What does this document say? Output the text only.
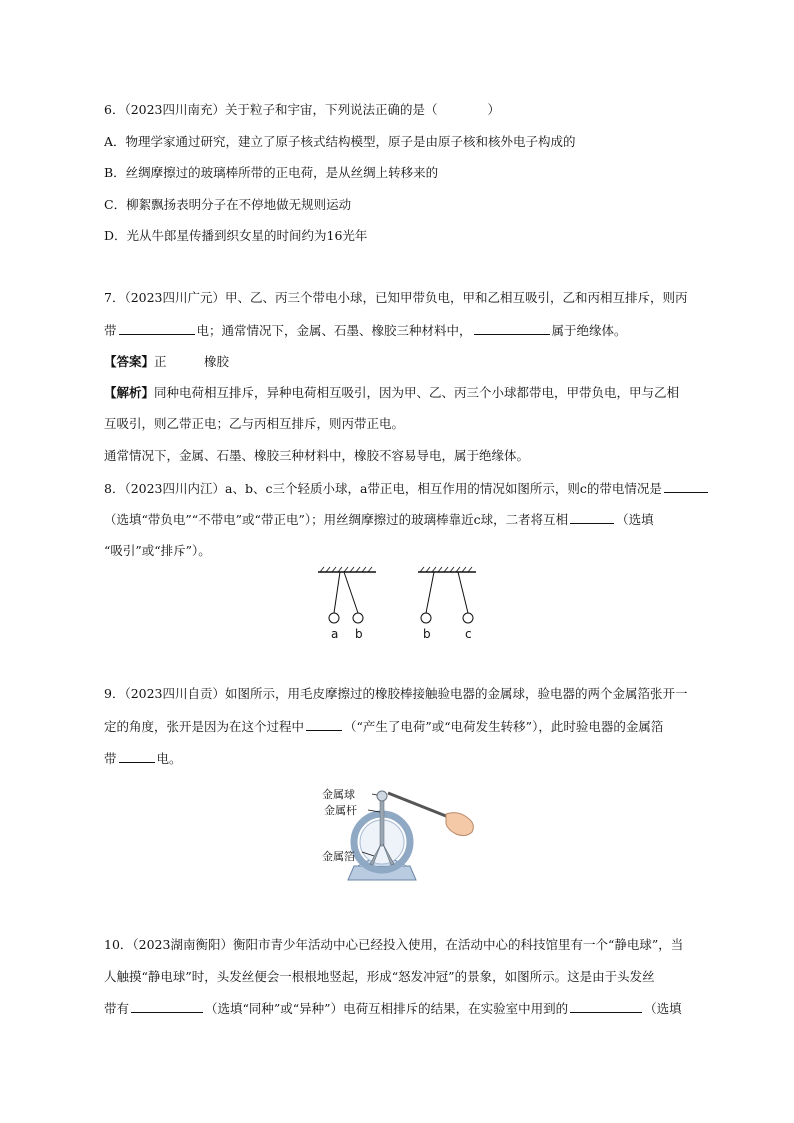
6．（2023四川南充）关于粒子和宇宙，下列说法正确的是（　　　　）
A．物理学家通过研究，建立了原子核式结构模型，原子是由原子核和核外电子构成的
B．丝绸摩擦过的玻璃棒所带的正电荷，是从丝绸上转移来的
C．柳絮飘扬表明分子在不停地做无规则运动
D．光从牛郎星传播到织女星的时间约为16光年
7．（2023四川广元）甲、乙、丙三个带电小球，已知甲带负电，甲和乙相互吸引，乙和丙相互排斥，则丙
带	电；通常情况下，金属、石墨、橡胶三种材料中，	属于绝缘体。
【答案】正　　　橡胶
【解析】同种电荷相互排斥，异种电荷相互吸引，因为甲、乙、丙三个小球都带电，甲带负电，甲与乙相
互吸引，则乙带正电；乙与丙相互排斥，则丙带正电。
通常情况下，金属、石墨、橡胶三种材料中，橡胶不容易导电，属于绝缘体。
8．（2023四川内江）a、b、c三个轻质小球，a带正电，相互作用的情况如图所示，则c的带电情况是
（选填“带负电”“不带电”或“带正电”）；用丝绸摩擦过的玻璃棒靠近c球，二者将互相	（选填
“吸引”或“排斥”）。
a b	b	c
9．（2023四川自贡）如图所示，用毛皮摩擦过的橡胶棒接触验电器的金属球，验电器的两个金属箔张开一
定的角度，张开是因为在这个过程中	（“产生了电荷”或“电荷发生转移”），此时验电器的金属箔
带	电。
金属球
金属杆
金属箔
10．（2023湖南衡阳）衡阳市青少年活动中心已经投入使用，在活动中心的科技馆里有一个“静电球”，当
人触摸“静电球”时，头发丝便会一根根地竖起，形成“怒发冲冠”的景象，如图所示。这是由于头发丝
带有	（选填“同种”或“异种”）电荷互相排斥的结果，在实验室中用到的	（选填
